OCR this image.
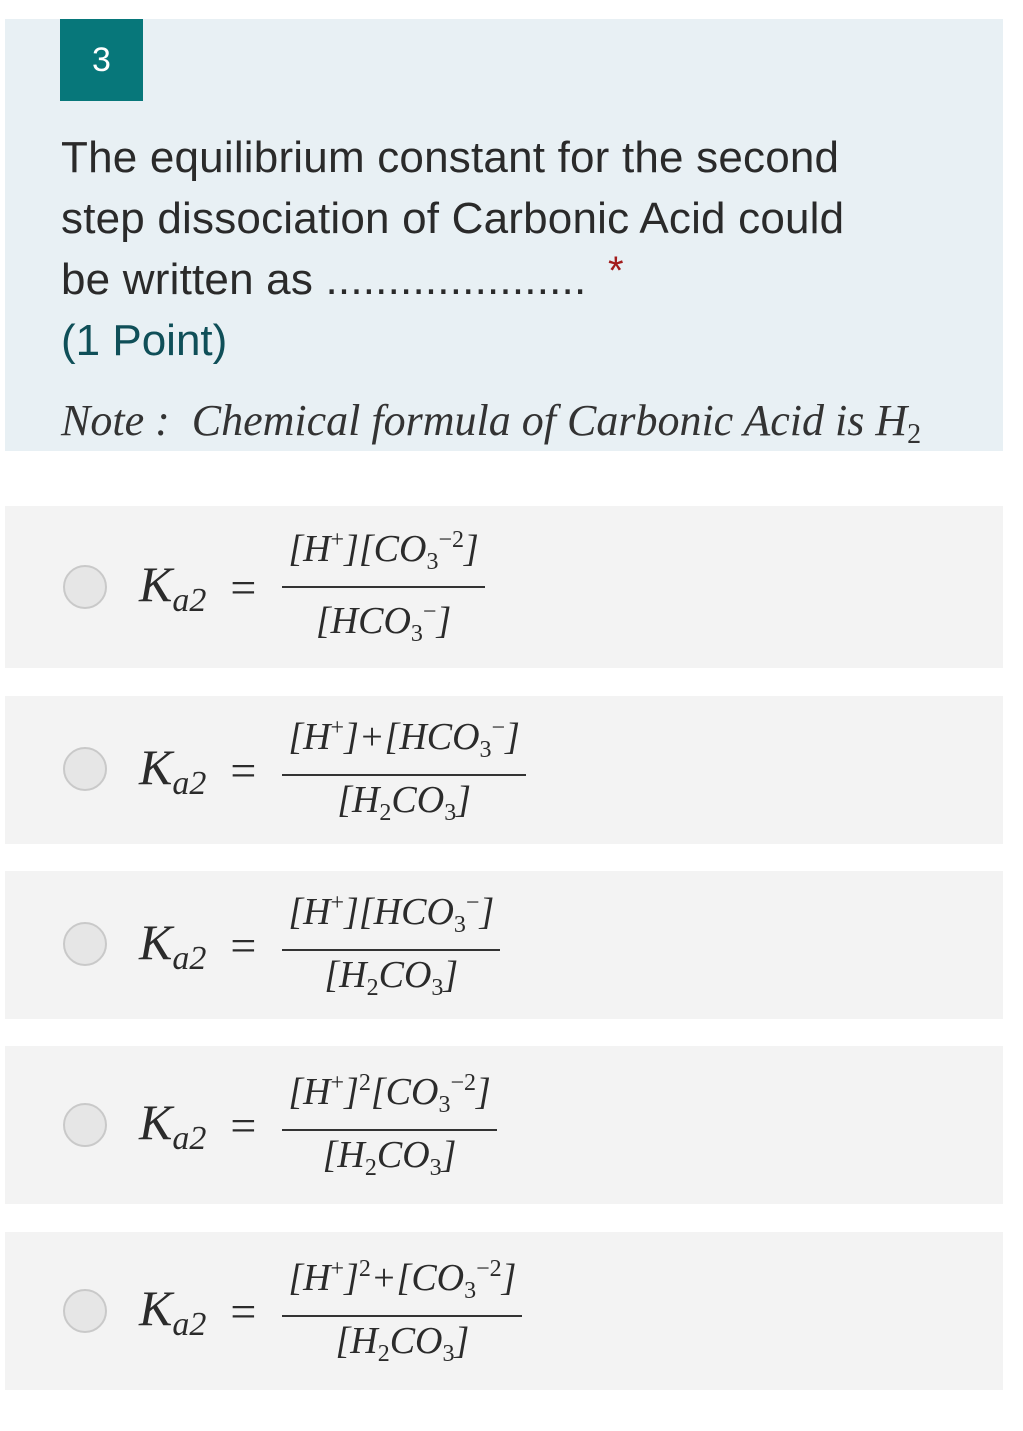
3
The equilibrium constant for the second
step dissociation of Carbonic Acid could
be written as ..................... *
(1 Point)
Note : Chemical formula of Carbonic Acid is $H_2$
$K_{a2} = \frac{[H^+][CO_3^{-2}]}{[HCO_3^-]}$
$K_{a2} = \frac{[H^+]+[HCO_3^-]}{[H_2CO_3]}$
$K_{a2} = \frac{[H^+][HCO_3^-]}{[H_2CO_3]}$
$K_{a2} = \frac{[H^+]^2[CO_3^{-2}]}{[H_2CO_3]}$
$K_{a2} = \frac{[H^+]^2+[CO_3^{-2}]}{[H_2CO_3]}$
